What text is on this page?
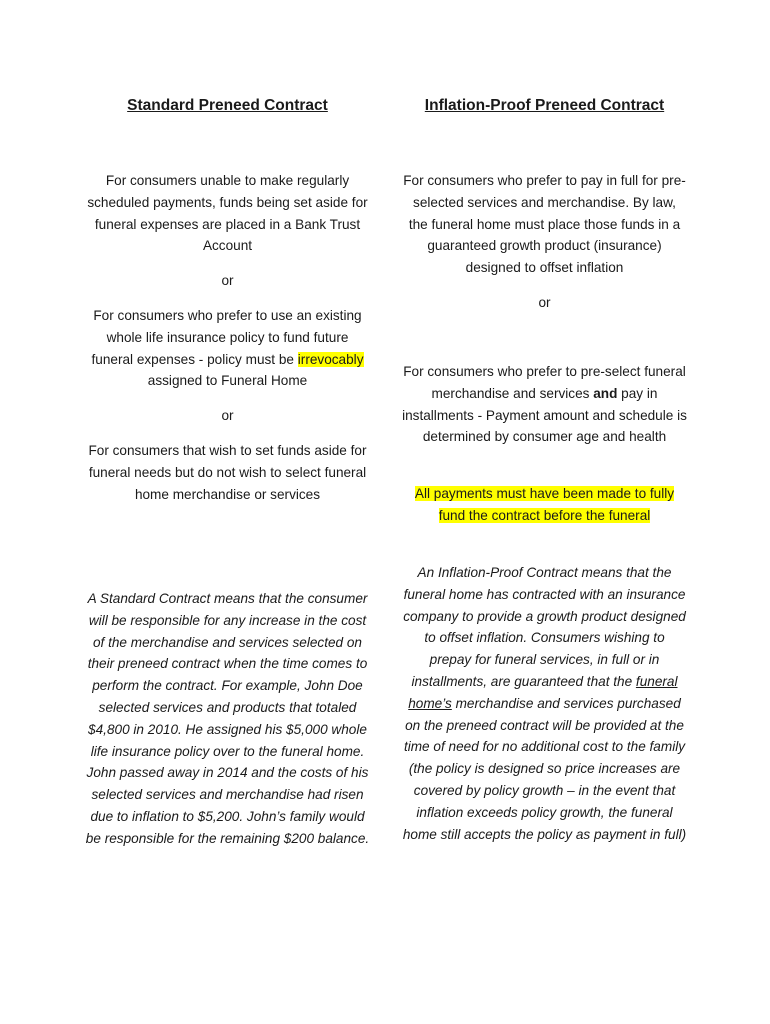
Standard Preneed Contract

For consumers unable to make regularly scheduled payments, funds being set aside for funeral expenses are placed in a Bank Trust Account

or

For consumers who prefer to use an existing whole life insurance policy to fund future funeral expenses - policy must be irrevocably assigned to Funeral Home

or

For consumers that wish to set funds aside for funeral needs but do not wish to select funeral home merchandise or services

A Standard Contract means that the consumer will be responsible for any increase in the cost of the merchandise and services selected on their preneed contract when the time comes to perform the contract. For example, John Doe selected services and products that totaled $4,800 in 2010. He assigned his $5,000 whole life insurance policy over to the funeral home. John passed away in 2014 and the costs of his selected services and merchandise had risen due to inflation to $5,200. John’s family would be responsible for the remaining $200 balance.

Inflation-Proof Preneed Contract

For consumers who prefer to pay in full for pre-selected services and merchandise. By law, the funeral home must place those funds in a guaranteed growth product (insurance) designed to offset inflation

or

For consumers who prefer to pre-select funeral merchandise and services and pay in installments - Payment amount and schedule is determined by consumer age and health

All payments must have been made to fully fund the contract before the funeral

An Inflation-Proof Contract means that the funeral home has contracted with an insurance company to provide a growth product designed to offset inflation. Consumers wishing to prepay for funeral services, in full or in installments, are guaranteed that the funeral home’s merchandise and services purchased on the preneed contract will be provided at the time of need for no additional cost to the family (the policy is designed so price increases are covered by policy growth – in the event that inflation exceeds policy growth, the funeral home still accepts the policy as payment in full)
